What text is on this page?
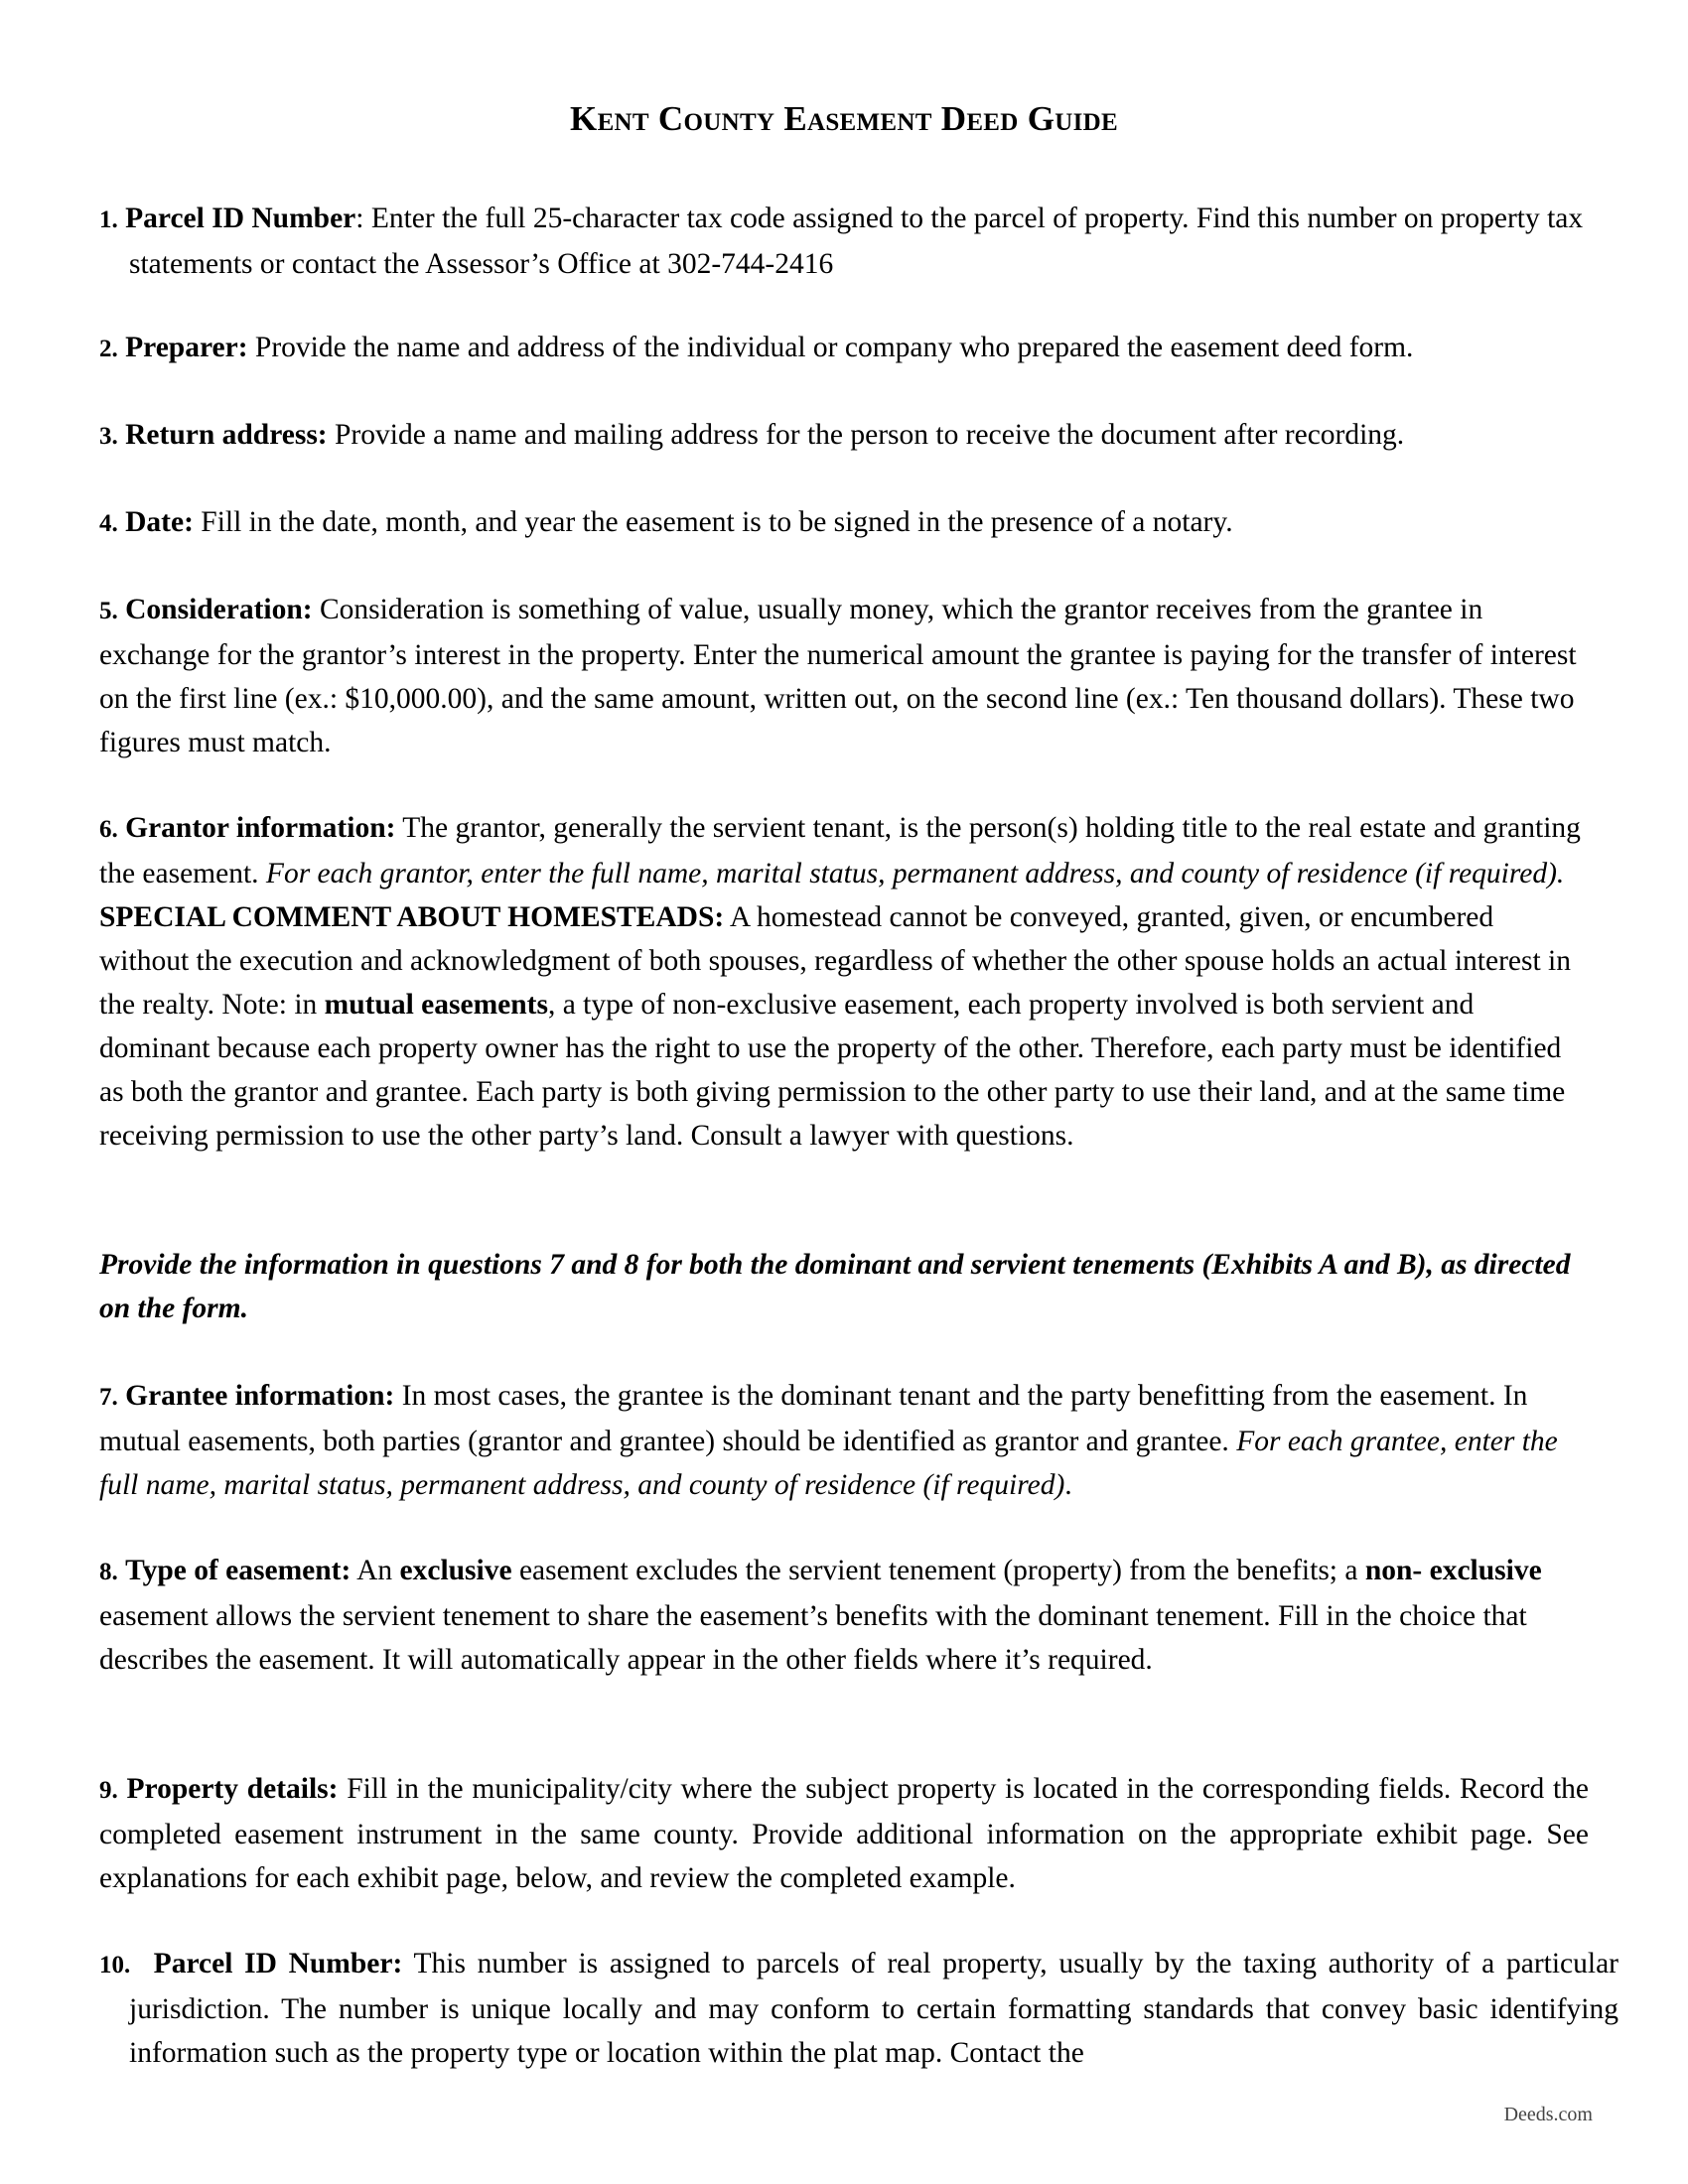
Kent County Easement Deed Guide

1. Parcel ID Number: Enter the full 25-character tax code assigned to the parcel of property. Find this number on property tax statements or contact the Assessor’s Office at 302-744-2416

2. Preparer: Provide the name and address of the individual or company who prepared the easement deed form.

3. Return address: Provide a name and mailing address for the person to receive the document after recording.

4. Date: Fill in the date, month, and year the easement is to be signed in the presence of a notary.

5. Consideration: Consideration is something of value, usually money, which the grantor receives from the grantee in exchange for the grantor’s interest in the property. Enter the numerical amount the grantee is paying for the transfer of interest on the first line (ex.: $10,000.00), and the same amount, written out, on the second line (ex.: Ten thousand dollars). These two figures must match.

6. Grantor information: The grantor, generally the servient tenant, is the person(s) holding title to the real estate and granting the easement. For each grantor, enter the full name, marital status, permanent address, and county of residence (if required). SPECIAL COMMENT ABOUT HOMESTEADS: A homestead cannot be conveyed, granted, given, or encumbered without the execution and acknowledgment of both spouses, regardless of whether the other spouse holds an actual interest in the realty. Note: in mutual easements, a type of non-exclusive easement, each property involved is both servient and dominant because each property owner has the right to use the property of the other. Therefore, each party must be identified as both the grantor and grantee. Each party is both giving permission to the other party to use their land, and at the same time receiving permission to use the other party’s land. Consult a lawyer with questions.

Provide the information in questions 7 and 8 for both the dominant and servient tenements (Exhibits A and B), as directed on the form.

7. Grantee information: In most cases, the grantee is the dominant tenant and the party benefitting from the easement. In mutual easements, both parties (grantor and grantee) should be identified as grantor and grantee. For each grantee, enter the full name, marital status, permanent address, and county of residence (if required).

8. Type of easement: An exclusive easement excludes the servient tenement (property) from the benefits; a non- exclusive easement allows the servient tenement to share the easement’s benefits with the dominant tenement. Fill in the choice that describes the easement. It will automatically appear in the other fields where it’s required.

9. Property details: Fill in the municipality/city where the subject property is located in the corresponding fields. Record the completed easement instrument in the same county. Provide additional information on the appropriate exhibit page. See explanations for each exhibit page, below, and review the completed example.

10. Parcel ID Number: This number is assigned to parcels of real property, usually by the taxing authority of a particular jurisdiction. The number is unique locally and may conform to certain formatting standards that convey basic identifying information such as the property type or location within the plat map. Contact the

Deeds.com
